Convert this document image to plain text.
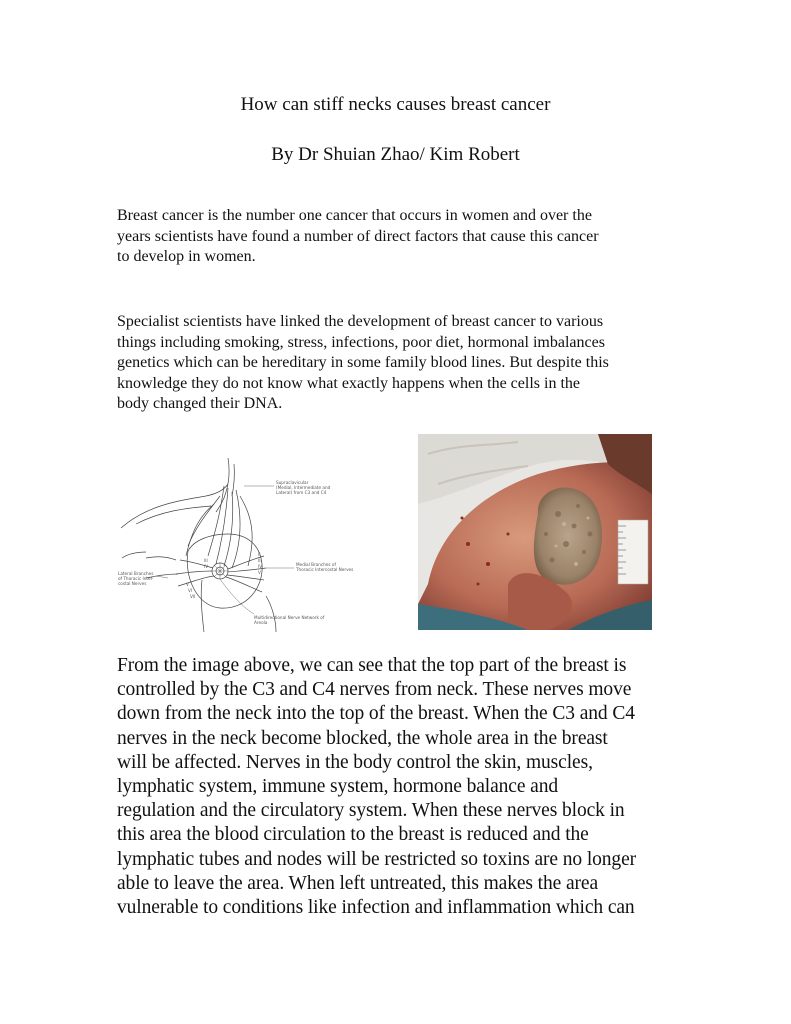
How can stiff necks causes breast cancer
By Dr Shuian Zhao/ Kim Robert

Breast cancer is the number one cancer that occurs in women and over the
years scientists have found a number of direct factors that cause this cancer
to develop in women.

Specialist scientists have linked the development of breast cancer to various
things including smoking, stress, infections, poor diet, hormonal imbalances
genetics which can be hereditary in some family blood lines. But despite this
knowledge they do not know what exactly happens when the cells in the
body changed their DNA.

Supraclavicular
(Medial, Intermediate and
Lateral) from C3 and C4
Medial Branches of
Thoracic Intercostal Nerves
Lateral Branches
of Thoracic Inter-
costal Nerves
Multidirectional Nerve Network of
Areola
III
IV
V
VI
VII
II
III
IV
V

From the image above, we can see that the top part of the breast is
controlled by the C3 and C4 nerves from neck. These nerves move
down from the neck into the top of the breast. When the C3 and C4
nerves in the neck become blocked, the whole area in the breast
will be affected. Nerves in the body control the skin, muscles,
lymphatic system, immune system, hormone balance and
regulation and the circulatory system. When these nerves block in
this area the blood circulation to the breast is reduced and the
lymphatic tubes and nodes will be restricted so toxins are no longer
able to leave the area. When left untreated, this makes the area
vulnerable to conditions like infection and inflammation which can
